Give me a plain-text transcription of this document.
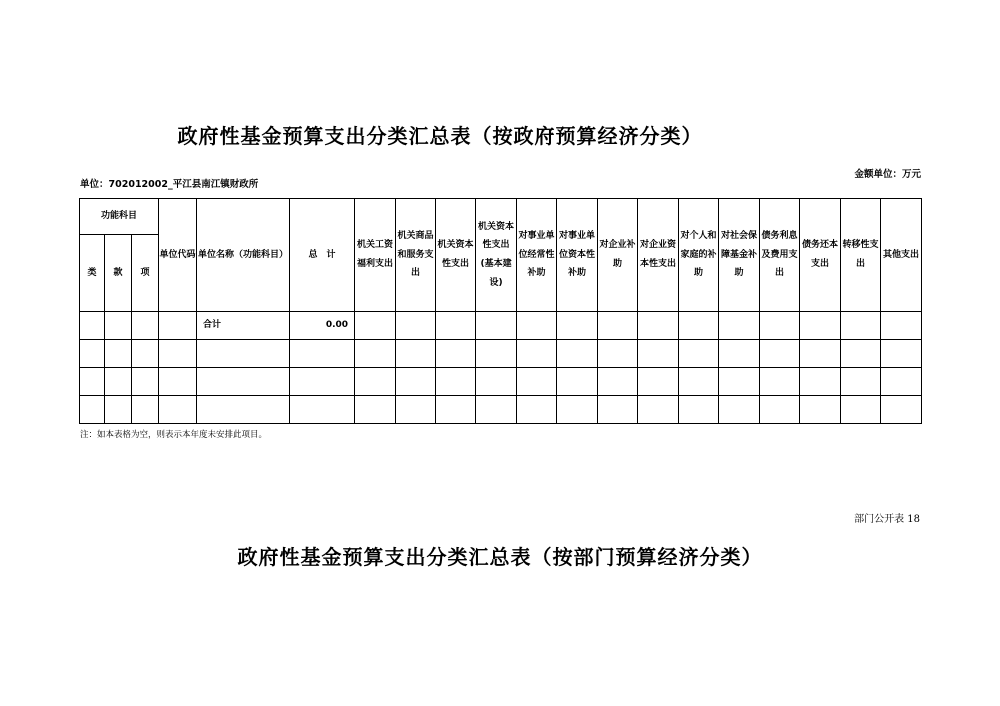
政府性基金预算支出分类汇总表（按政府预算经济分类）
单位：702012002_平江县南江镇财政所
金额单位：万元
功能科目			单位代码	单位名称（功能科目）	总　计	机关工资福利支出	机关商品和服务支出	机关资本性支出	机关资本性支出(基本建设)	对事业单位经常性补助	对事业单位资本性补助	对企业补助	对企业资本性支出	对个人和家庭的补助	对社会保障基金补助	债务利息及费用支出	债务还本支出	转移性支出	其他支出
类	款	项																	
				合计	0.00														

注：如本表格为空，则表示本年度未安排此项目。
部门公开表 18
政府性基金预算支出分类汇总表（按部门预算经济分类）
